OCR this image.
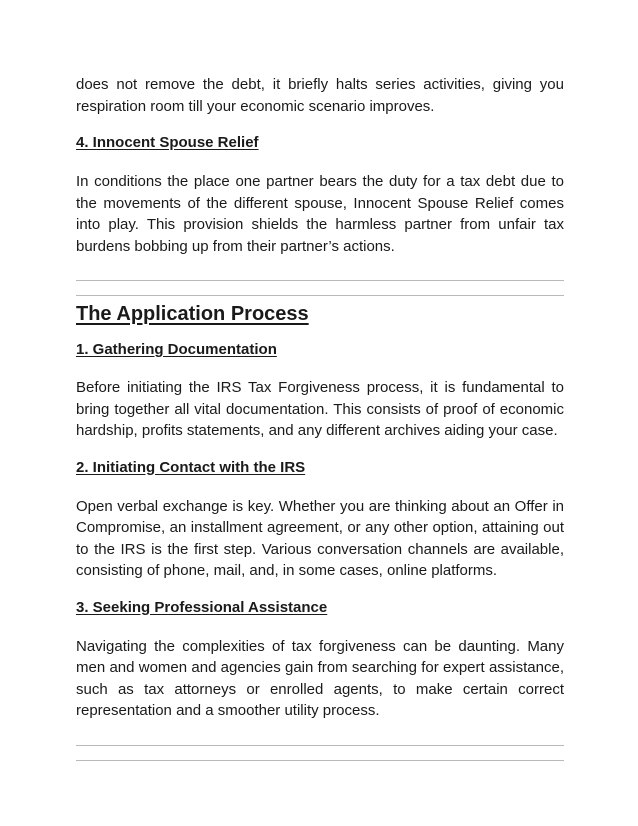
does not remove the debt, it briefly halts series activities, giving you respiration room till your economic scenario improves.

4. Innocent Spouse Relief

In conditions the place one partner bears the duty for a tax debt due to the movements of the different spouse, Innocent Spouse Relief comes into play. This provision shields the harmless partner from unfair tax burdens bobbing up from their partner’s actions.

The Application Process
1. Gathering Documentation

Before initiating the IRS Tax Forgiveness process, it is fundamental to bring together all vital documentation. This consists of proof of economic hardship, profits statements, and any different archives aiding your case.

2. Initiating Contact with the IRS

Open verbal exchange is key. Whether you are thinking about an Offer in Compromise, an installment agreement, or any other option, attaining out to the IRS is the first step. Various conversation channels are available, consisting of phone, mail, and, in some cases, online platforms.

3. Seeking Professional Assistance

Navigating the complexities of tax forgiveness can be daunting. Many men and women and agencies gain from searching for expert assistance, such as tax attorneys or enrolled agents, to make certain correct representation and a smoother utility process.
